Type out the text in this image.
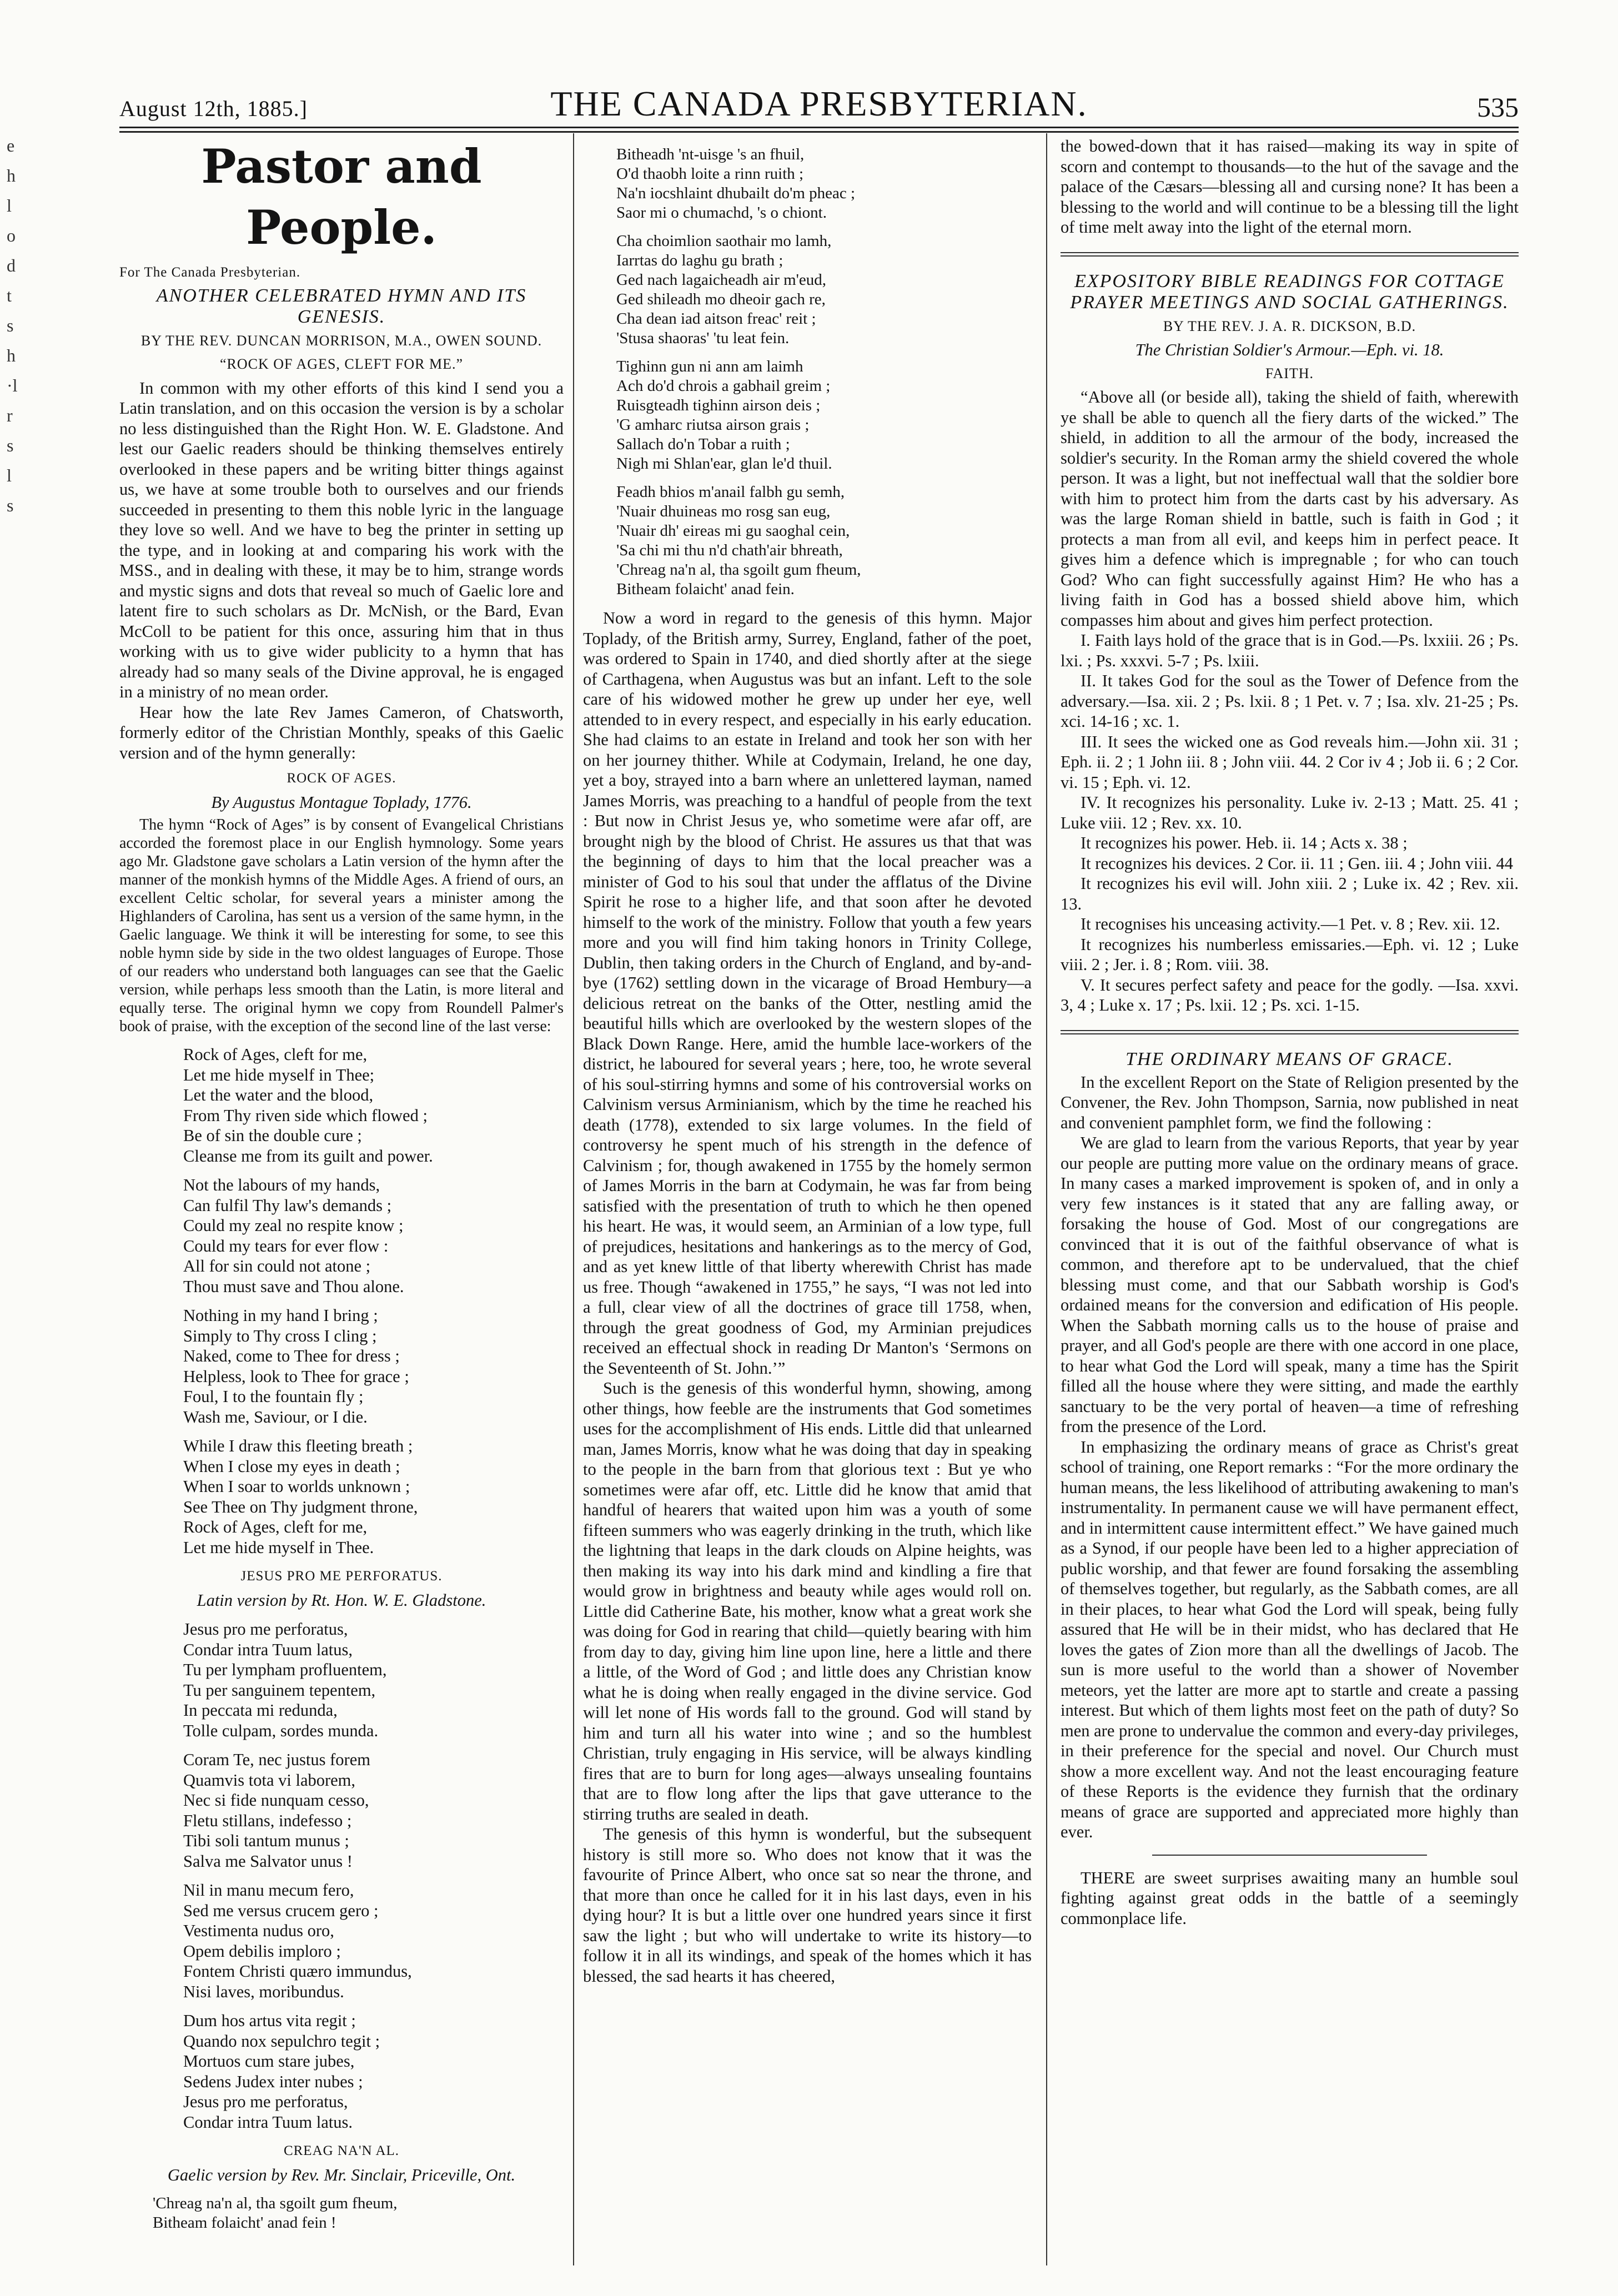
August 12th, 1885.]	THE CANADA PRESBYTERIAN.	535
e
h
l
o
d
t
s
h
·l
r
s
l
s
Pastor and People.
For The Canada Presbyterian.
ANOTHER CELEBRATED HYMN AND ITS GENESIS.
BY THE REV. DUNCAN MORRISON, M.A., OWEN SOUND.
“ROCK OF AGES, CLEFT FOR ME.”

In common with my other efforts of this kind I send you a Latin translation, and on this occasion the version is by a scholar no less distinguished than the Right Hon. W. E. Gladstone. And lest our Gaelic readers should be thinking themselves entirely overlooked in these papers and be writing bitter things against us, we have at some trouble both to ourselves and our friends succeeded in presenting to them this noble lyric in the language they love so well. And we have to beg the printer in setting up the type, and in looking at and comparing his work with the MSS., and in dealing with these, it may be to him, strange words and mystic signs and dots that reveal so much of Gaelic lore and latent fire to such scholars as Dr. McNish, or the Bard, Evan McColl to be patient for this once, assuring him that in thus working with us to give wider publicity to a hymn that has already had so many seals of the Divine approval, he is engaged in a ministry of no mean order.

Hear how the late Rev James Cameron, of Chatsworth, formerly editor of the Christian Monthly, speaks of this Gaelic version and of the hymn generally:

ROCK OF AGES.
By Augustus Montague Toplady, 1776.

The hymn “Rock of Ages” is by consent of Evangelical Christians accorded the foremost place in our English hymnology. Some years ago Mr. Gladstone gave scholars a Latin version of the hymn after the manner of the monkish hymns of the Middle Ages. A friend of ours, an excellent Celtic scholar, for several years a minister among the Highlanders of Carolina, has sent us a version of the same hymn, in the Gaelic language. We think it will be interesting for some, to see this noble hymn side by side in the two oldest languages of Europe. Those of our readers who understand both languages can see that the Gaelic version, while perhaps less smooth than the Latin, is more literal and equally terse. The original hymn we copy from Roundell Palmer's book of praise, with the exception of the second line of the last verse:

Rock of Ages, cleft for me,
Let me hide myself in Thee;
Let the water and the blood,
From Thy riven side which flowed ;
Be of sin the double cure ;
Cleanse me from its guilt and power.
Not the labours of my hands,
Can fulfil Thy law's demands ;
Could my zeal no respite know ;
Could my tears for ever flow :
All for sin could not atone ;
Thou must save and Thou alone.
Nothing in my hand I bring ;
Simply to Thy cross I cling ;
Naked, come to Thee for dress ;
Helpless, look to Thee for grace ;
Foul, I to the fountain fly ;
Wash me, Saviour, or I die.
While I draw this fleeting breath ;
When I close my eyes in death ;
When I soar to worlds unknown ;
See Thee on Thy judgment throne,
Rock of Ages, cleft for me,
Let me hide myself in Thee.
JESUS PRO ME PERFORATUS.
Latin version by Rt. Hon. W. E. Gladstone.
Jesus pro me perforatus,
Condar intra Tuum latus,
Tu per lympham profluentem,
Tu per sanguinem tepentem,
In peccata mi redunda,
Tolle culpam, sordes munda.
Coram Te, nec justus forem
Quamvis tota vi laborem,
Nec si fide nunquam cesso,
Fletu stillans, indefesso ;
Tibi soli tantum munus ;
Salva me Salvator unus !
Nil in manu mecum fero,
Sed me versus crucem gero ;
Vestimenta nudus oro,
Opem debilis imploro ;
Fontem Christi quæro immundus,
Nisi laves, moribundus.
Dum hos artus vita regit ;
Quando nox sepulchro tegit ;
Mortuos cum stare jubes,
Sedens Judex inter nubes ;
Jesus pro me perforatus,
Condar intra Tuum latus.
CREAG NA'N AL.
Gaelic version by Rev. Mr. Sinclair, Priceville, Ont.
'Chreag na'n al, tha sgoilt gum fheum,
Bitheam folaicht' anad fein !
Bitheadh 'nt-uisge 's an fhuil,
O'd thaobh loite a rinn ruith ;
Na'n iocshlaint dhubailt do'm pheac ;
Saor mi o chumachd, 's o chiont.
Cha choimlion saothair mo lamh,
Iarrtas do laghu gu brath ;
Ged nach lagaicheadh air m'eud,
Ged shileadh mo dheoir gach re,
Cha dean iad aitson freac' reit ;
'Stusa shaoras' 'tu leat fein.
Tighinn gun ni ann am laimh
Ach do'd chrois a gabhail greim ;
Ruisgteadh tighinn airson deis ;
'G amharc riutsa airson grais ;
Sallach do'n Tobar a ruith ;
Nigh mi Shlan'ear, glan le'd thuil.
Feadh bhios m'anail falbh gu semh,
'Nuair dhuineas mo rosg san eug,
'Nuair dh' eireas mi gu saoghal cein,
'Sa chi mi thu n'd chath'air bhreath,
'Chreag na'n al, tha sgoilt gum fheum,
Bitheam folaicht' anad fein.

Now a word in regard to the genesis of this hymn. Major Toplady, of the British army, Surrey, England, father of the poet, was ordered to Spain in 1740, and died shortly after at the siege of Carthagena, when Augustus was but an infant. Left to the sole care of his widowed mother he grew up under her eye, well attended to in every respect, and especially in his early education. She had claims to an estate in Ireland and took her son with her on her journey thither. While at Codymain, Ireland, he one day, yet a boy, strayed into a barn where an unlettered layman, named James Morris, was preaching to a handful of people from the text : But now in Christ Jesus ye, who sometime were afar off, are brought nigh by the blood of Christ. He assures us that that was the beginning of days to him that the local preacher was a minister of God to his soul that under the afflatus of the Divine Spirit he rose to a higher life, and that soon after he devoted himself to the work of the ministry. Follow that youth a few years more and you will find him taking honors in Trinity College, Dublin, then taking orders in the Church of England, and by-and-bye (1762) settling down in the vicarage of Broad Hembury—a delicious retreat on the banks of the Otter, nestling amid the beautiful hills which are overlooked by the western slopes of the Black Down Range. Here, amid the humble lace-workers of the district, he laboured for several years ; here, too, he wrote several of his soul-stirring hymns and some of his controversial works on Calvinism versus Arminianism, which by the time he reached his death (1778), extended to six large volumes. In the field of controversy he spent much of his strength in the defence of Calvinism ; for, though awakened in 1755 by the homely sermon of James Morris in the barn at Codymain, he was far from being satisfied with the presentation of truth to which he then opened his heart. He was, it would seem, an Arminian of a low type, full of prejudices, hesitations and hankerings as to the mercy of God, and as yet knew little of that liberty wherewith Christ has made us free. Though “awakened in 1755,” he says, “I was not led into a full, clear view of all the doctrines of grace till 1758, when, through the great goodness of God, my Arminian prejudices received an effectual shock in reading Dr Manton's ‘Sermons on the Seventeenth of St. John.’”

Such is the genesis of this wonderful hymn, showing, among other things, how feeble are the instruments that God sometimes uses for the accomplishment of His ends. Little did that unlearned man, James Morris, know what he was doing that day in speaking to the people in the barn from that glorious text : But ye who sometimes were afar off, etc. Little did he know that amid that handful of hearers that waited upon him was a youth of some fifteen summers who was eagerly drinking in the truth, which like the lightning that leaps in the dark clouds on Alpine heights, was then making its way into his dark mind and kindling a fire that would grow in brightness and beauty while ages would roll on. Little did Catherine Bate, his mother, know what a great work she was doing for God in rearing that child—quietly bearing with him from day to day, giving him line upon line, here a little and there a little, of the Word of God ; and little does any Christian know what he is doing when really engaged in the divine service. God will let none of His words fall to the ground. God will stand by him and turn all his water into wine ; and so the humblest Christian, truly engaging in His service, will be always kindling fires that are to burn for long ages—always unsealing fountains that are to flow long after the lips that gave utterance to the stirring truths are sealed in death.

The genesis of this hymn is wonderful, but the subsequent history is still more so. Who does not know that it was the favourite of Prince Albert, who once sat so near the throne, and that more than once he called for it in his last days, even in his dying hour? It is but a little over one hundred years since it first saw the light ; but who will undertake to write its history—to follow it in all its windings, and speak of the homes which it has blessed, the sad hearts it has cheered,

the bowed-down that it has raised—making its way in spite of scorn and contempt to thousands—to the hut of the savage and the palace of the Cæsars—blessing all and cursing none? It has been a blessing to the world and will continue to be a blessing till the light of time melt away into the light of the eternal morn.

EXPOSITORY BIBLE READINGS FOR COTTAGE PRAYER MEETINGS AND SOCIAL GATHERINGS.
BY THE REV. J. A. R. DICKSON, B.D.
The Christian Soldier's Armour.—Eph. vi. 18.
FAITH.

“Above all (or beside all), taking the shield of faith, wherewith ye shall be able to quench all the fiery darts of the wicked.” The shield, in addition to all the armour of the body, increased the soldier's security. In the Roman army the shield covered the whole person. It was a light, but not ineffectual wall that the soldier bore with him to protect him from the darts cast by his adversary. As was the large Roman shield in battle, such is faith in God ; it protects a man from all evil, and keeps him in perfect peace. It gives him a defence which is impregnable ; for who can touch God? Who can fight successfully against Him? He who has a living faith in God has a bossed shield above him, which compasses him about and gives him perfect protection.

I. Faith lays hold of the grace that is in God.—Ps. lxxiii. 26 ; Ps. lxi. ; Ps. xxxvi. 5-7 ; Ps. lxiii.

II. It takes God for the soul as the Tower of Defence from the adversary.—Isa. xii. 2 ; Ps. lxii. 8 ; 1 Pet. v. 7 ; Isa. xlv. 21-25 ; Ps. xci. 14-16 ; xc. 1.

III. It sees the wicked one as God reveals him.—John xii. 31 ; Eph. ii. 2 ; 1 John iii. 8 ; John viii. 44. 2 Cor iv 4 ; Job ii. 6 ; 2 Cor. vi. 15 ; Eph. vi. 12.

IV. It recognizes his personality. Luke iv. 2-13 ; Matt. 25. 41 ; Luke viii. 12 ; Rev. xx. 10.

It recognizes his power. Heb. ii. 14 ; Acts x. 38 ;

It recognizes his devices. 2 Cor. ii. 11 ; Gen. iii. 4 ; John viii. 44

It recognizes his evil will. John xiii. 2 ; Luke ix. 42 ; Rev. xii. 13.

It recognises his unceasing activity.—1 Pet. v. 8 ; Rev. xii. 12.

It recognizes his numberless emissaries.—Eph. vi. 12 ; Luke viii. 2 ; Jer. i. 8 ; Rom. viii. 38.

V. It secures perfect safety and peace for the godly. —Isa. xxvi. 3, 4 ; Luke x. 17 ; Ps. lxii. 12 ; Ps. xci. 1-15.

THE ORDINARY MEANS OF GRACE.

In the excellent Report on the State of Religion presented by the Convener, the Rev. John Thompson, Sarnia, now published in neat and convenient pamphlet form, we find the following :

We are glad to learn from the various Reports, that year by year our people are putting more value on the ordinary means of grace. In many cases a marked improvement is spoken of, and in only a very few instances is it stated that any are falling away, or forsaking the house of God. Most of our congregations are convinced that it is out of the faithful observance of what is common, and therefore apt to be undervalued, that the chief blessing must come, and that our Sabbath worship is God's ordained means for the conversion and edification of His people. When the Sabbath morning calls us to the house of praise and prayer, and all God's people are there with one accord in one place, to hear what God the Lord will speak, many a time has the Spirit filled all the house where they were sitting, and made the earthly sanctuary to be the very portal of heaven—a time of refreshing from the presence of the Lord.

In emphasizing the ordinary means of grace as Christ's great school of training, one Report remarks : “For the more ordinary the human means, the less likelihood of attributing awakening to man's instrumentality. In permanent cause we will have permanent effect, and in intermittent cause intermittent effect.” We have gained much as a Synod, if our people have been led to a higher appreciation of public worship, and that fewer are found forsaking the assembling of themselves together, but regularly, as the Sabbath comes, are all in their places, to hear what God the Lord will speak, being fully assured that He will be in their midst, who has declared that He loves the gates of Zion more than all the dwellings of Jacob. The sun is more useful to the world than a shower of November meteors, yet the latter are more apt to startle and create a passing interest. But which of them lights most feet on the path of duty? So men are prone to undervalue the common and every-day privileges, in their preference for the special and novel. Our Church must show a more excellent way. And not the least encouraging feature of these Reports is the evidence they furnish that the ordinary means of grace are supported and appreciated more highly than ever.

THERE are sweet surprises awaiting many an humble soul fighting against great odds in the battle of a seemingly commonplace life.
